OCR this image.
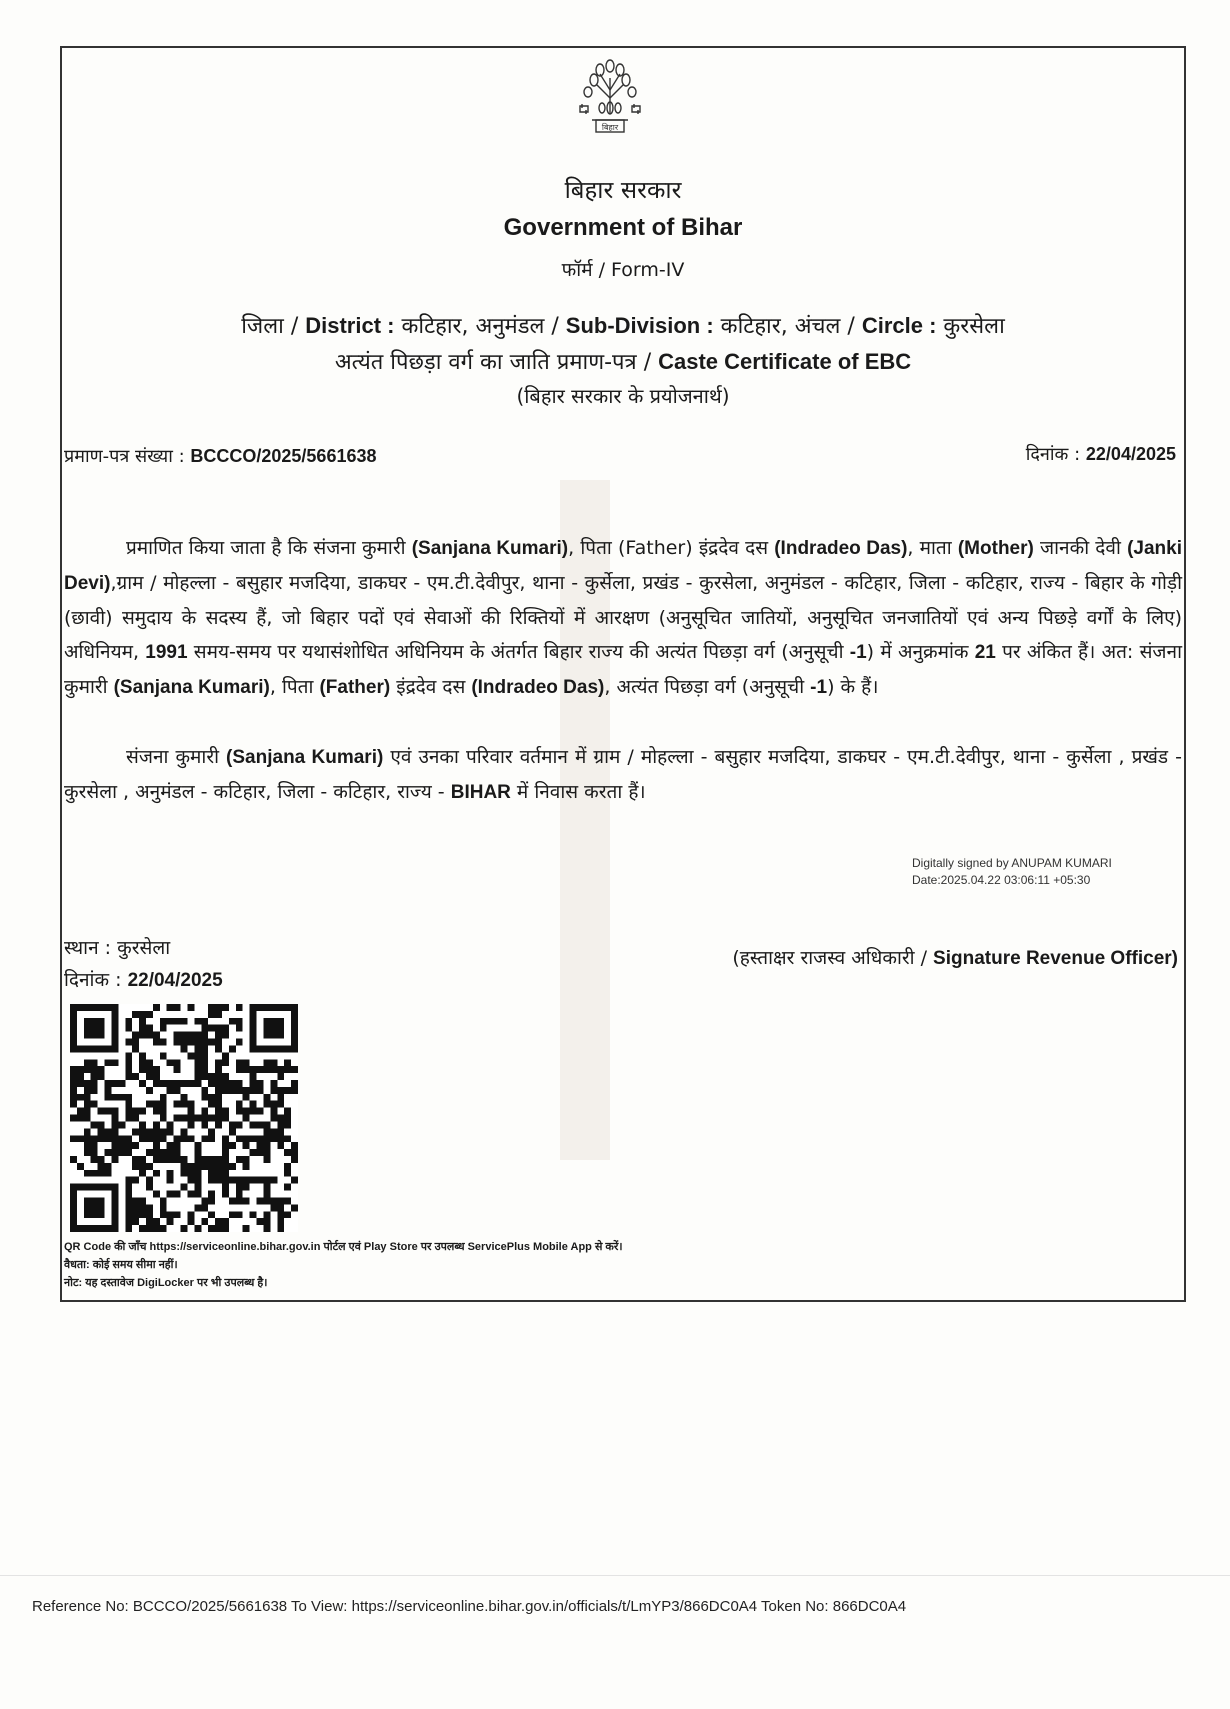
बिहार
बिहार सरकार
Government of Bihar
फॉर्म / Form-IV
जिला / District : कटिहार, अनुमंडल / Sub-Division : कटिहार, अंचल / Circle : कुरसेला
अत्यंत पिछड़ा वर्ग का जाति प्रमाण-पत्र / Caste Certificate of EBC
(बिहार सरकार के प्रयोजनार्थ)
प्रमाण-पत्र संख्या : BCCCO/2025/5661638	दिनांक : 22/04/2025

प्रमाणित किया जाता है कि संजना कुमारी (Sanjana Kumari), पिता (Father) इंद्रदेव दस (Indradeo Das), माता (Mother) जानकी देवी (Janki Devi),ग्राम / मोहल्ला - बसुहार मजदिया, डाकघर - एम.टी.देवीपुर, थाना - कुर्सेला, प्रखंड - कुरसेला, अनुमंडल - कटिहार, जिला - कटिहार, राज्य - बिहार के गोड़ी (छावी) समुदाय के सदस्य हैं, जो बिहार पदों एवं सेवाओं की रिक्तियों में आरक्षण (अनुसूचित जातियों, अनुसूचित जनजातियों एवं अन्य पिछड़े वर्गों के लिए) अधिनियम, 1991 समय-समय पर यथासंशोधित अधिनियम के अंतर्गत बिहार राज्य की अत्यंत पिछड़ा वर्ग (अनुसूची -1) में अनुक्रमांक 21 पर अंकित हैं। अत: संजना कुमारी (Sanjana Kumari), पिता (Father) इंद्रदेव दस (Indradeo Das), अत्यंत पिछड़ा वर्ग (अनुसूची -1) के हैं।

संजना कुमारी (Sanjana Kumari) एवं उनका परिवार वर्तमान में ग्राम / मोहल्ला - बसुहार मजदिया, डाकघर - एम.टी.देवीपुर, थाना - कुर्सेला , प्रखंड - कुरसेला , अनुमंडल - कटिहार, जिला - कटिहार, राज्य - BIHAR में निवास करता हैं।

Digitally signed by ANUPAM KUMARI
Date:2025.04.22 03:06:11 +05:30
स्थान : कुरसेला
दिनांक : 22/04/2025
(हस्ताक्षर राजस्व अधिकारी / Signature Revenue Officer)
QR Code की जाँच https://serviceonline.bihar.gov.in पोर्टल एवं Play Store पर उपलब्ध ServicePlus Mobile App से करें।
वैधता: कोई समय सीमा नहीं।
नोट: यह दस्तावेज DigiLocker पर भी उपलब्ध है।
Reference No: BCCCO/2025/5661638 To View: https://serviceonline.bihar.gov.in/officials/t/LmYP3/866DC0A4 Token No: 866DC0A4
